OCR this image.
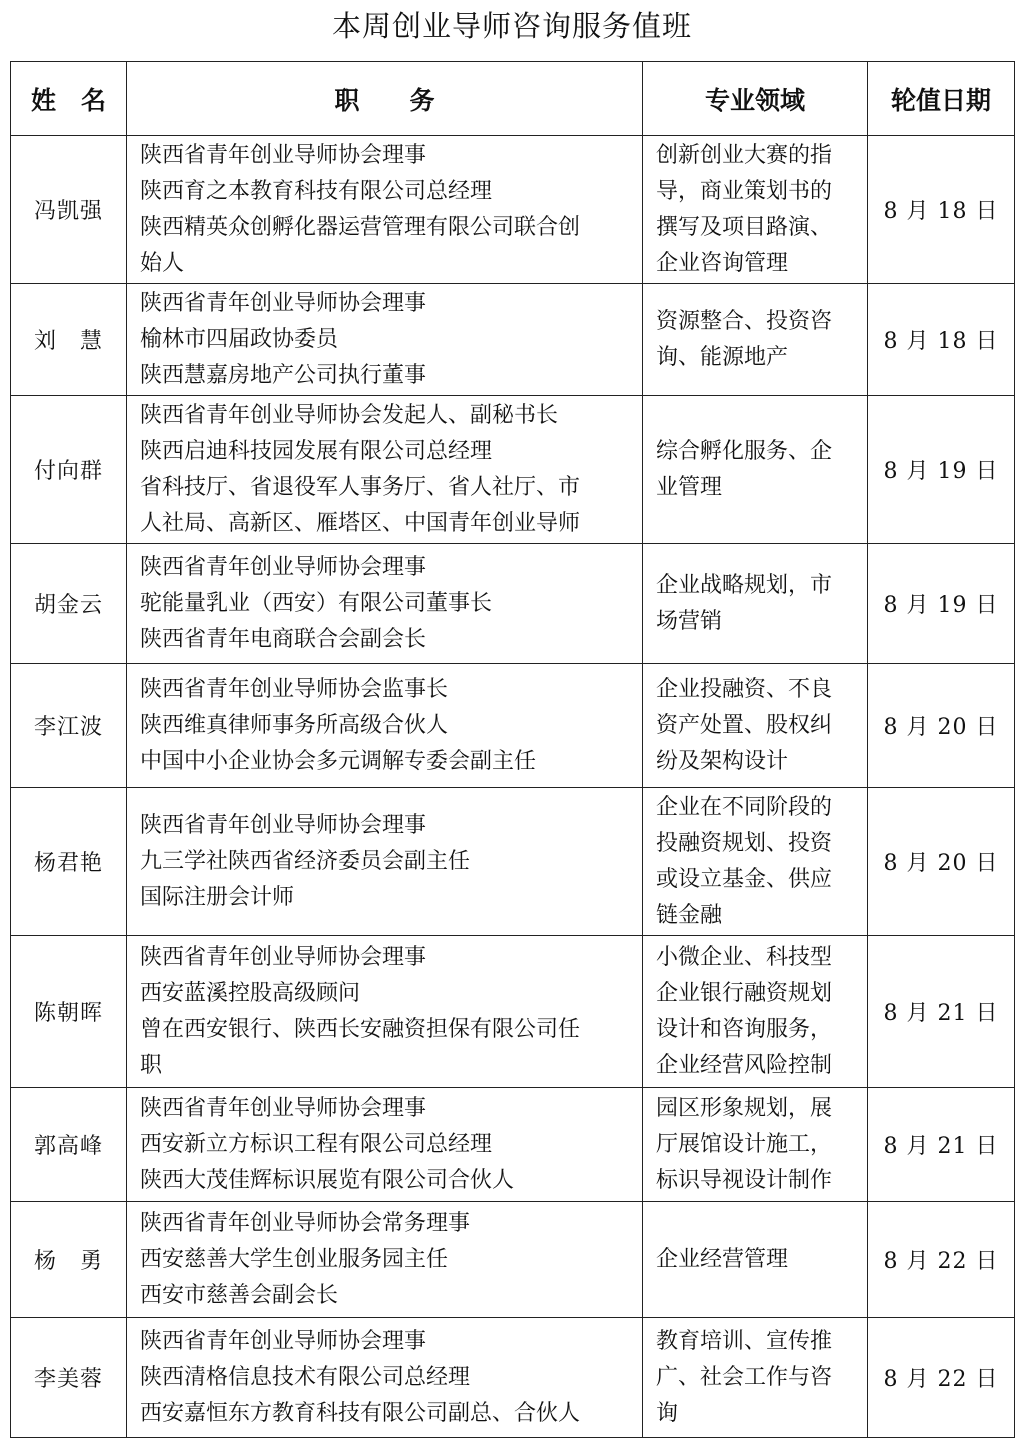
本周创业导师咨询服务值班
姓　名	职　　务	专业领域	轮值日期
冯凯强	陕西省青年创业导师协会理事
陕西育之本教育科技有限公司总经理
陕西精英众创孵化器运营管理有限公司联合创
始人	创新创业大赛的指
导，商业策划书的
撰写及项目路演、
企业咨询管理	8 月 18 日
刘　慧	陕西省青年创业导师协会理事
榆林市四届政协委员
陕西慧嘉房地产公司执行董事	资源整合、投资咨
询、能源地产	8 月 18 日
付向群	陕西省青年创业导师协会发起人、副秘书长
陕西启迪科技园发展有限公司总经理
省科技厅、省退役军人事务厅、省人社厅、市
人社局、高新区、雁塔区、中国青年创业导师	综合孵化服务、企
业管理	8 月 19 日
胡金云	陕西省青年创业导师协会理事
驼能量乳业（西安）有限公司董事长
陕西省青年电商联合会副会长	企业战略规划，市
场营销	8 月 19 日
李江波	陕西省青年创业导师协会监事长
陕西维真律师事务所高级合伙人
中国中小企业协会多元调解专委会副主任	企业投融资、不良
资产处置、股权纠
纷及架构设计	8 月 20 日
杨君艳	陕西省青年创业导师协会理事
九三学社陕西省经济委员会副主任
国际注册会计师	企业在不同阶段的
投融资规划、投资
或设立基金、供应
链金融	8 月 20 日
陈朝晖	陕西省青年创业导师协会理事
西安蓝溪控股高级顾问
曾在西安银行、陕西长安融资担保有限公司任
职	小微企业、科技型
企业银行融资规划
设计和咨询服务，
企业经营风险控制	8 月 21 日
郭高峰	陕西省青年创业导师协会理事
西安新立方标识工程有限公司总经理
陕西大茂佳辉标识展览有限公司合伙人	园区形象规划，展
厅展馆设计施工，
标识导视设计制作	8 月 21 日
杨　勇	陕西省青年创业导师协会常务理事
西安慈善大学生创业服务园主任
西安市慈善会副会长	企业经营管理	8 月 22 日
李美蓉	陕西省青年创业导师协会理事
陕西清格信息技术有限公司总经理
西安嘉恒东方教育科技有限公司副总、合伙人	教育培训、宣传推
广、社会工作与咨
询	8 月 22 日
